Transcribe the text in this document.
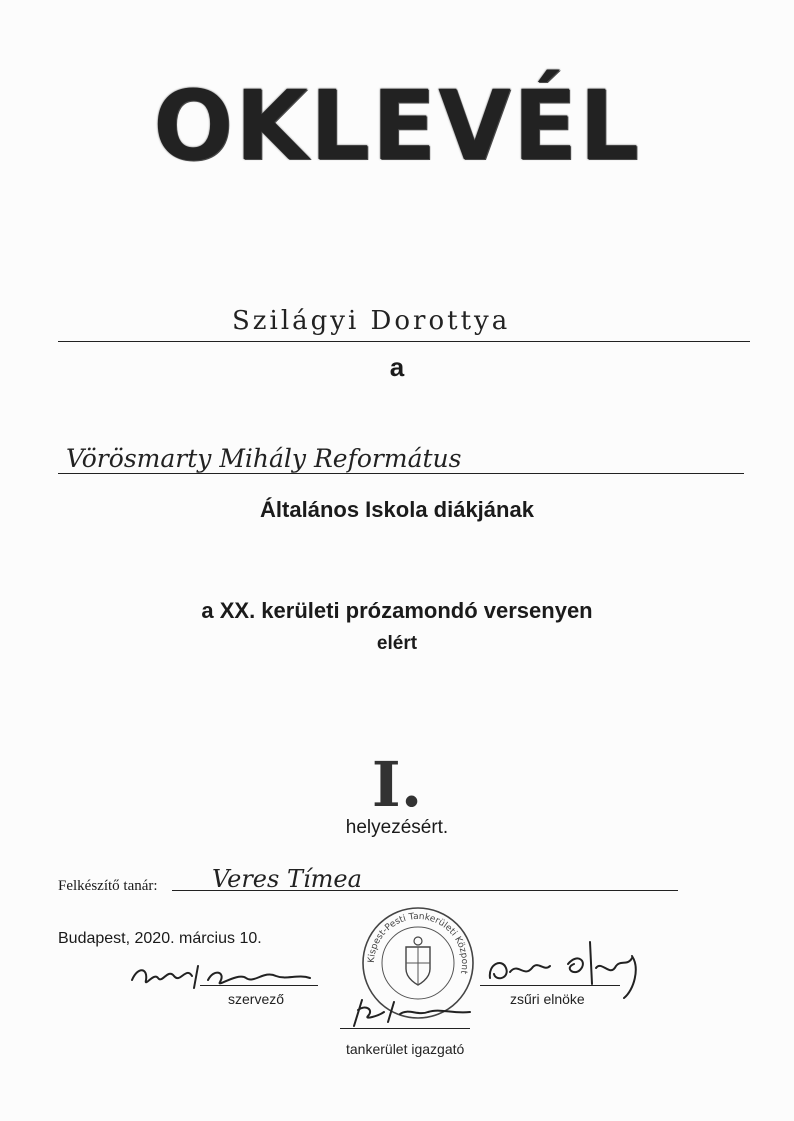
OKLEVÉL
Szilágyi Dorottya
a
Vörösmarty Mihály Református
Általános Iskola diákjának
a XX. kerületi prózamondó versenyen
elért
I.
helyezésért.
Felkészítő tanár: Veres Tímea
Budapest, 2020. március 10.
szervező
Kispest-Pesti Tankerületi Központ
tankerület igazgató
zsűri elnöke
